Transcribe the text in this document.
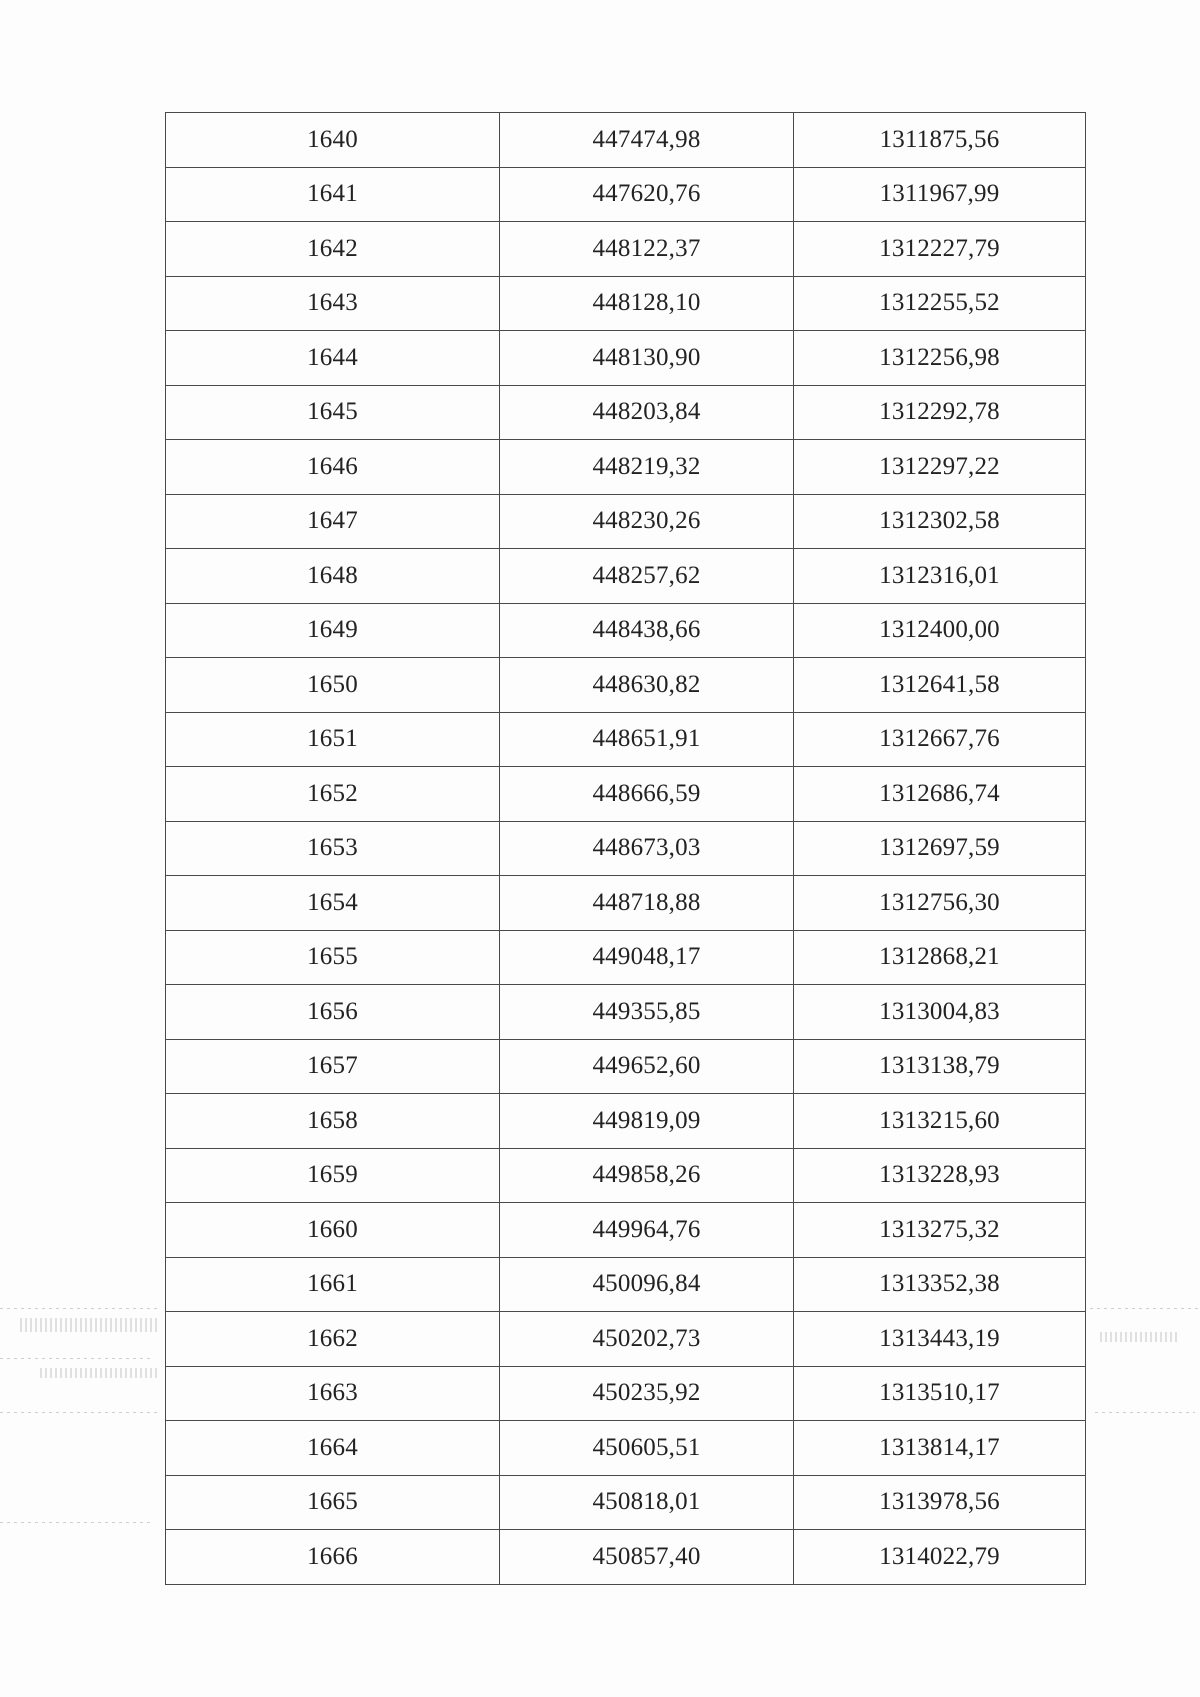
1640	447474,98	1311875,56
1641	447620,76	1311967,99
1642	448122,37	1312227,79
1643	448128,10	1312255,52
1644	448130,90	1312256,98
1645	448203,84	1312292,78
1646	448219,32	1312297,22
1647	448230,26	1312302,58
1648	448257,62	1312316,01
1649	448438,66	1312400,00
1650	448630,82	1312641,58
1651	448651,91	1312667,76
1652	448666,59	1312686,74
1653	448673,03	1312697,59
1654	448718,88	1312756,30
1655	449048,17	1312868,21
1656	449355,85	1313004,83
1657	449652,60	1313138,79
1658	449819,09	1313215,60
1659	449858,26	1313228,93
1660	449964,76	1313275,32
1661	450096,84	1313352,38
1662	450202,73	1313443,19
1663	450235,92	1313510,17
1664	450605,51	1313814,17
1665	450818,01	1313978,56
1666	450857,40	1314022,79
